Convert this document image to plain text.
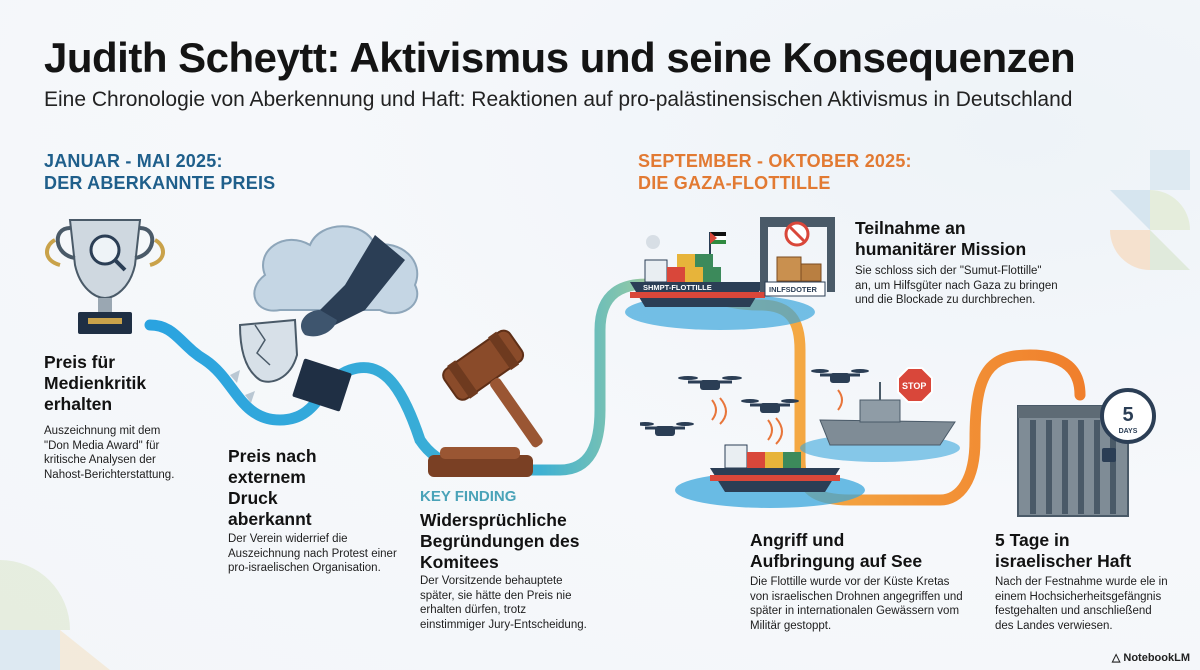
Judith Scheytt: Aktivismus und seine Konsequenzen
Eine Chronologie von Aberkennung und Haft: Reaktionen auf pro-palästinensischen Aktivismus in Deutschland
JANUAR - MAI 2025:
DER ABERKANNTE PREIS
SEPTEMBER - OKTOBER 2025:
DIE GAZA-FLOTTILLE
Preis für
Medienkritik
erhalten
Auszeichnung mit dem
"Don Media Award" für
kritische Analysen der
Nahost-Berichterstattung.
Preis nach
externem
Druck
aberkannt
Der Verein widerrief die
Auszeichnung nach Protest einer
pro-israelischen Organisation.
KEY FINDING
Widersprüchliche
Begründungen des
Komitees
Der Vorsitzende behauptete
später, sie hätte den Preis nie
erhalten dürfen, trotz
einstimmiger Jury-Entscheidung.
SHMPT-FLOTTILLE	INLFSDOTER
Teilnahme an
humanitärer Mission
Sie schloss sich der "Sumut-Flottille"
an, um Hilfsgüter nach Gaza zu bringen
und die Blockade zu durchbrechen.
STOP
Angriff und
Aufbringung auf See
Die Flottille wurde vor der Küste Kretas
von israelischen Drohnen angegriffen und
später in internationalen Gewässern vom
Militär gestoppt.
5
DAYS
5 Tage in
israelischer Haft
Nach der Festnahme wurde ele in
einem Hochsicherheitsgefängnis
festgehalten und anschließend
des Landes verwiesen.
△ NotebookLM
